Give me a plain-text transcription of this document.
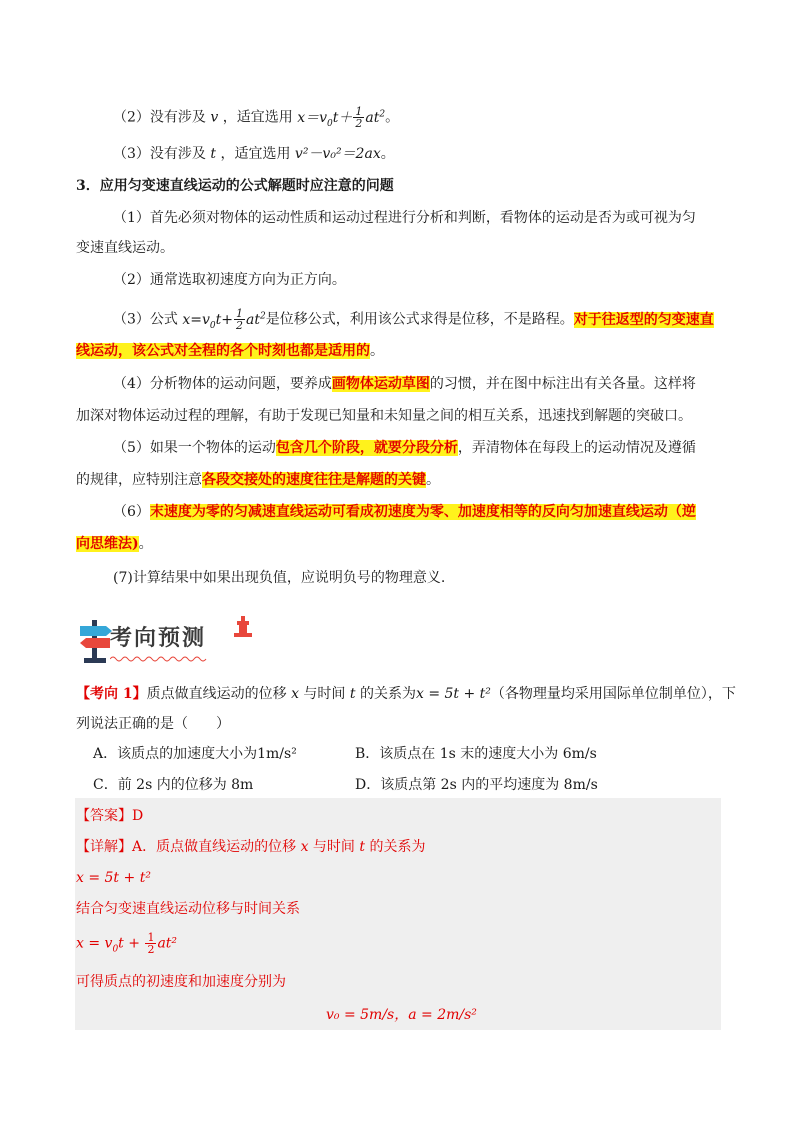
（2）没有涉及 v ，适宜选用 $x=v_0t+ \frac{1}{2} at^2$。
（3）没有涉及 t ，适宜选用 v²－v₀²＝2ax。
3．应用匀变速直线运动的公式解题时应注意的问题
（1）首先必须对物体的运动性质和运动过程进行分析和判断，看物体的运动是否为或可视为匀
变速直线运动。
（2）通常选取初速度方向为正方向。
（3）公式 $x=v_0t+ \frac{1}{2} at^2$是位移公式，利用该公式求得是位移，不是路程。对于往返型的匀变速直
线运动，该公式对全程的各个时刻也都是适用的。
（4）分析物体的运动问题，要养成画物体运动草图的习惯，并在图中标注出有关各量。这样将
加深对物体运动过程的理解，有助于发现已知量和未知量之间的相互关系，迅速找到解题的突破口。
（5）如果一个物体的运动包含几个阶段，就要分段分析，弄清物体在每段上的运动情况及遵循
的规律，应特别注意各段交接处的速度往往是解题的关键。
（6）末速度为零的匀减速直线运动可看成初速度为零、加速度相等的反向匀加速直线运动（逆
向思维法)。
(7)计算结果中如果出现负值，应说明负号的物理意义.
考向预测
【考向 1】质点做直线运动的位移 x 与时间 t 的关系为x = 5t + t²（各物理量均采用国际单位制单位），下
列说法正确的是（　　）
A．该质点的加速度大小为1m/s²	B．该质点在 1s 末的速度大小为 6m/s
C．前 2s 内的位移为 8m	D．该质点第 2s 内的平均速度为 8m/s
【答案】D
【详解】A．质点做直线运动的位移 x 与时间 t 的关系为
x = 5t + t²
结合匀变速直线运动位移与时间关系
$x = v_0t + \frac{1}{2} at^2$
可得质点的初速度和加速度分别为
v₀ = 5m/s，a = 2m/s²
